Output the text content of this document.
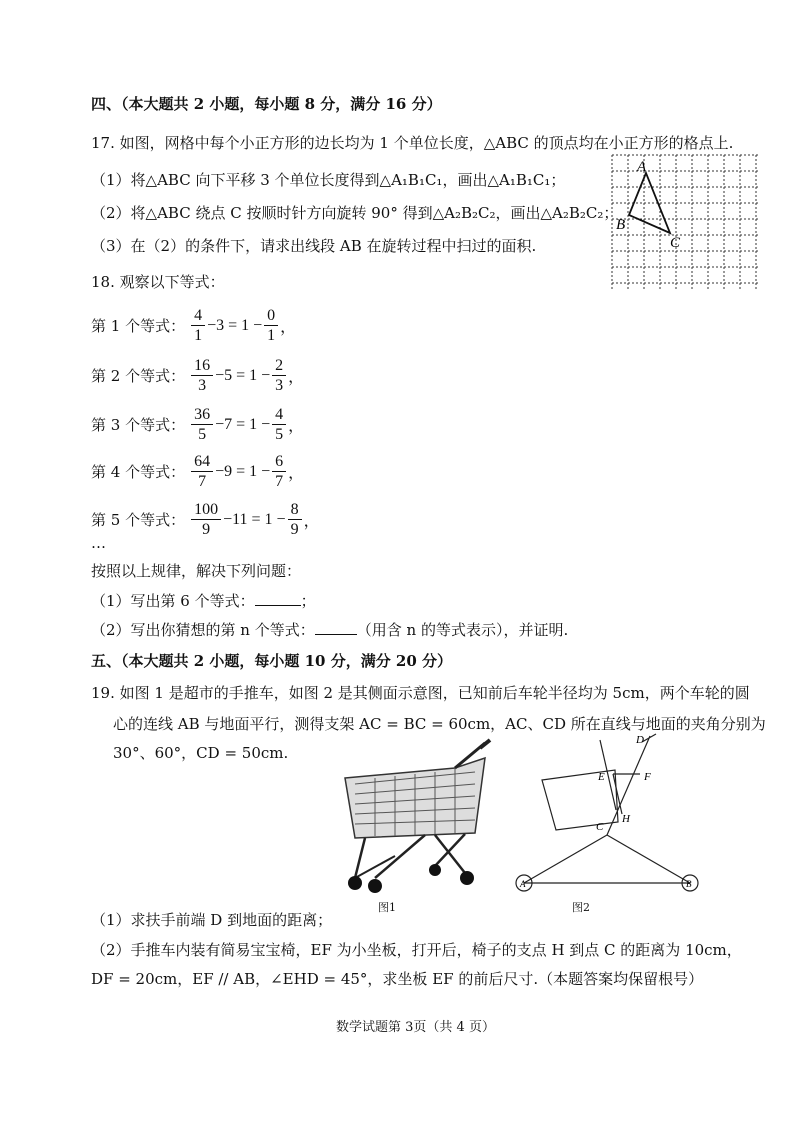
四、（本大题共 2 小题，每小题 8 分，满分 16 分）
17. 如图，网格中每个小正方形的边长均为 1 个单位长度，△ABC 的顶点均在小正方形的格点上.
（1）将△ABC 向下平移 3 个单位长度得到△A₁B₁C₁，画出△A₁B₁C₁；
（2）将△ABC 绕点 C 按顺时针方向旋转 90° 得到△A₂B₂C₂，画出△A₂B₂C₂；
（3）在（2）的条件下，请求出线段 AB 在旋转过程中扫过的面积.
A
B
C
18. 观察以下等式：
第 1 个等式： $\frac{4}{1} -3 = 1 - \frac{0}{1}$ ，
第 2 个等式： $\frac{16}{3} -5 = 1 - \frac{2}{3}$ ，
第 3 个等式： $\frac{36}{5} -7 = 1 - \frac{4}{5}$ ，
第 4 个等式： $\frac{64}{7} -9 = 1 - \frac{6}{7}$ ，
第 5 个等式： $\frac{100}{9} -11 = 1 - \frac{8}{9}$ ，
…
按照以上规律，解决下列问题：
（1）写出第 6 个等式：	；
（2）写出你猜想的第 n 个等式：	（用含 n 的等式表示），并证明.
五、（本大题共 2 小题，每小题 10 分，满分 20 分）
19. 如图 1 是超市的手推车，如图 2 是其侧面示意图，已知前后车轮半径均为 5cm，两个车轮的圆
心的连线 AB 与地面平行，测得支架 AC = BC = 60cm，AC、CD 所在直线与地面的夹角分别为
30°、60°，CD = 50cm.
D
E	F
C
H
A	B
图1	图2
（1）求扶手前端 D 到地面的距离；
（2）手推车内装有简易宝宝椅，EF 为小坐板，打开后，椅子的支点 H 到点 C 的距离为 10cm，
DF = 20cm，EF // AB，∠EHD = 45°，求坐板 EF 的前后尺寸.（本题答案均保留根号）
数学试题第 3页（共 4 页）
